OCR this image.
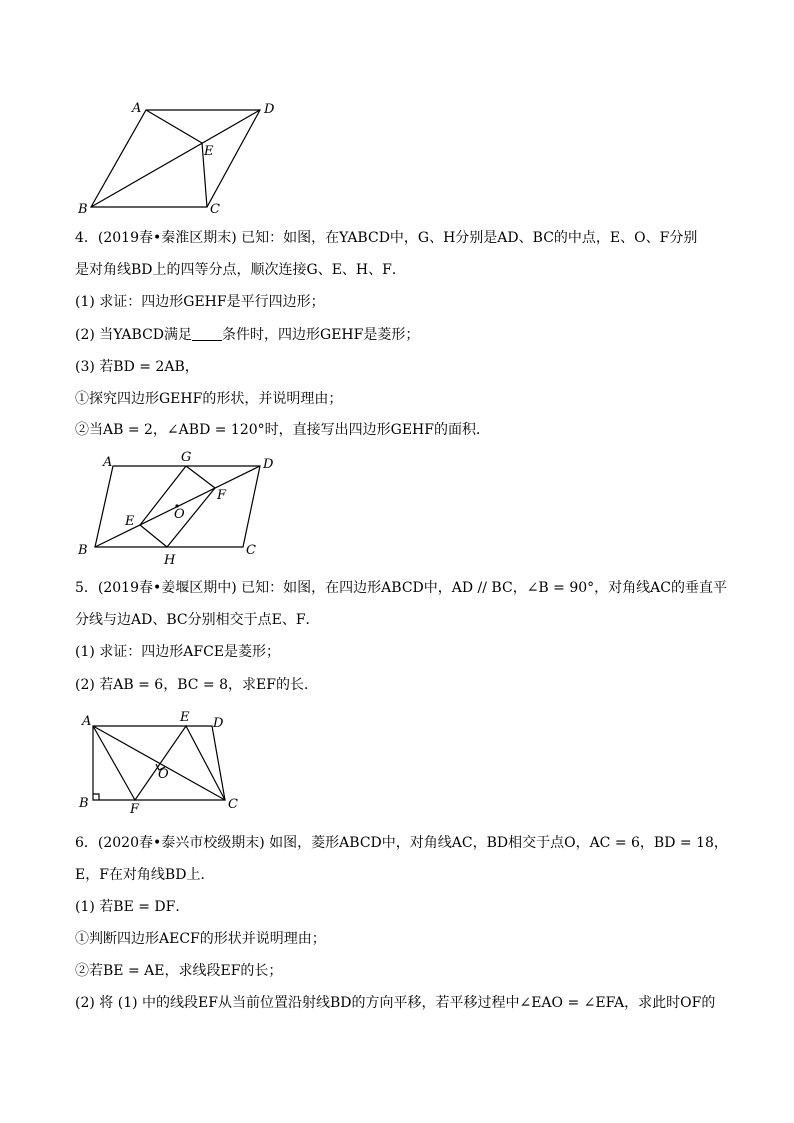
A	D
E
B	C
4．(2019春•秦淮区期末) 已知：如图，在YABCD中，G、H分别是AD、BC的中点，E、O、F分别
是对角线BD上的四等分点，顺次连接G、E、H、F．
(1) 求证：四边形GEHF是平行四边形；
(2) 当YABCD满足 条件时，四边形GEHF是菱形；
(3) 若BD = 2AB，
①探究四边形GEHF的形状，并说明理由；
②当AB = 2，∠ABD = 120°时，直接写出四边形GEHF的面积．
A	G	D
F
O
E
B
H
C
5．(2019春•姜堰区期中) 已知：如图，在四边形ABCD中，AD // BC，∠B = 90°，对角线AC的垂直平
分线与边AD、BC分别相交于点E、F．
(1) 求证：四边形AFCE是菱形；
(2) 若AB = 6，BC = 8，求EF的长．
A	E D
O
B	F	C
6．(2020春•泰兴市校级期末) 如图，菱形ABCD中，对角线AC，BD相交于点O，AC = 6，BD = 18，
E，F在对角线BD上．
(1) 若BE = DF．
①判断四边形AECF的形状并说明理由；
②若BE = AE，求线段EF的长；
(2) 将 (1) 中的线段EF从当前位置沿射线BD的方向平移，若平移过程中∠EAO = ∠EFA，求此时OF的
